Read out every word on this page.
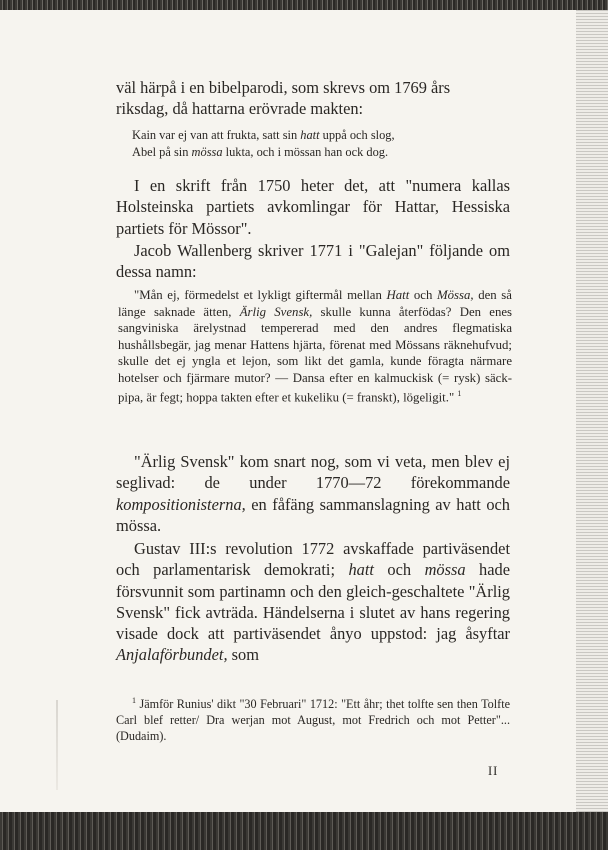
väl härpå i en bibelparodi, som skrevs om 1769 års

riksdag, då hattarna erövrade makten:

Kain var ej van att frukta, satt sin hatt uppå och slog,
Abel på sin mössa lukta, och i mössan han ock dog.

I en skrift från 1750 heter det, att "numera kallas Holsteinska partiets avkomlingar för Hattar, Hessiska partiets för Mössor".

Jacob Wallenberg skriver 1771 i "Galejan" följande om dessa namn:

"Mån ej, förmedelst et lykligt giftermål mellan Hatt och Mössa, den så länge saknade ätten, Ärlig Svensk, skulle kunna återfödas? Den enes sangviniska ärelystnad tempererad med den andres flegmatiska hushållsbegär, jag menar Hattens hjärta, förenat med Mössans räknehufvud; skulle det ej yngla et lejon, som likt det gamla, kunde föragta närmare hotelser och fjärmare mutor? — Dansa efter en kalmuckisk (= rysk) säck-pipa, är fegt; hoppa takten efter et kukeliku (= franskt), lögeligit." $^1$

"Ärlig Svensk" kom snart nog, som vi veta, men blev ej seglivad: de under 1770—72 förekommande kompositionisterna, en fåfäng sammanslagning av hatt och mössa.

Gustav III:s revolution 1772 avskaffade partiväsendet och parlamentarisk demokrati; hatt och mössa hade försvunnit som partinamn och den gleich-geschaltete "Ärlig Svensk" fick avträda. Händelserna i slutet av hans regering visade dock att partiväsendet ånyo uppstod: jag åsyftar Anjalaförbundet, som

$^1$ Jämför Runius' dikt "30 Februari" 1712: "Ett åhr; thet tolfte sen then Tolfte Carl blef retter/ Dra werjan mot August, mot Fredrich och mot Petter"... (Dudaim).

II
